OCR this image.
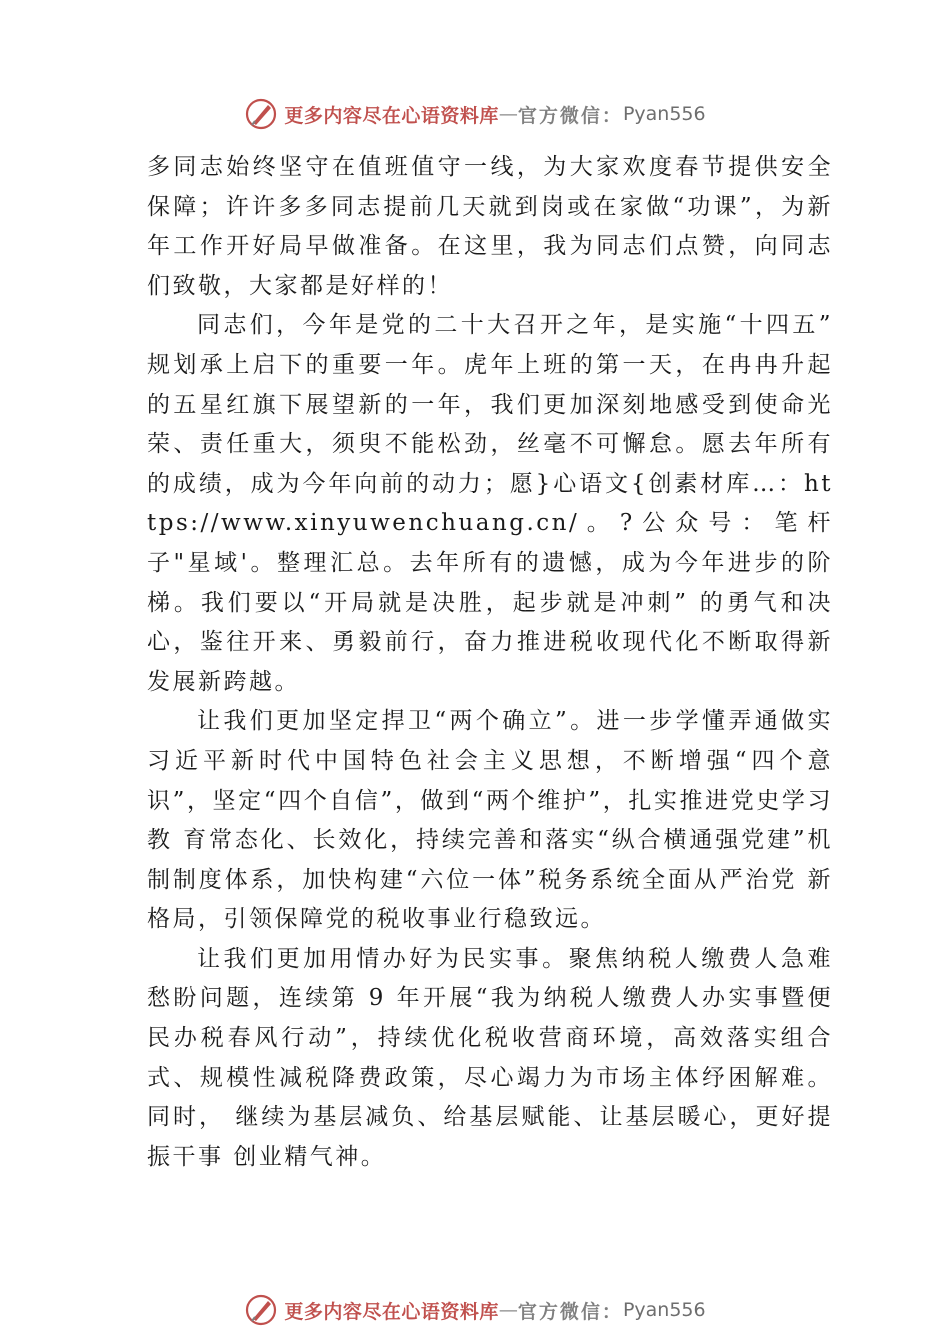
更多内容尽在心语资料库 — 官方微信： Pyan556

多同志始终坚守在值班值守一线，为大家欢度春节提供安全保障；许许多多同志提前几天就到岗或在家做“功课”，为新年工作开好局早做准备。在这里，我为同志们点赞，向同志们致敬，大家都是好样的！

同志们，今年是党的二十大召开之年，是实施“十四五” 规划承上启下的重要一年。虎年上班的第一天，在冉冉升起的五星红旗下展望新的一年，我们更加深刻地感受到使命光荣、责任重大，须臾不能松劲，丝毫不可懈怠。愿去年所有的成绩，成为今年向前的动力；愿}心语文{创素材库…：https://www.xinyuwenchuang.cn/。?公众号：笔杆子"星域'。整理汇总。去年所有的遗憾，成为今年进步的阶梯。我们要以“开局就是决胜，起步就是冲刺” 的勇气和决心，鉴往开来、勇毅前行，奋力推进税收现代化不断取得新发展新跨越。

让我们更加坚定捍卫“两个确立”。进一步学懂弄通做实习近平新时代中国特色社会主义思想，不断增强“四个意识”，坚定“四个自信”，做到“两个维护”，扎实推进党史学习教 育常态化、长效化，持续完善和落实“纵合横通强党建”机 制制度体系，加快构建“六位一体”税务系统全面从严治党 新格局，引领保障党的税收事业行稳致远。

让我们更加用情办好为民实事。聚焦纳税人缴费人急难愁盼问题，连续第 9 年开展“我为纳税人缴费人办实事暨便民办税春风行动”，持续优化税收营商环境，高效落实组合式、规模性减税降费政策，尽心竭力为市场主体纾困解难。同时， 继续为基层减负、给基层赋能、让基层暖心，更好提振干事 创业精气神。

更多内容尽在心语资料库 — 官方微信： Pyan556
